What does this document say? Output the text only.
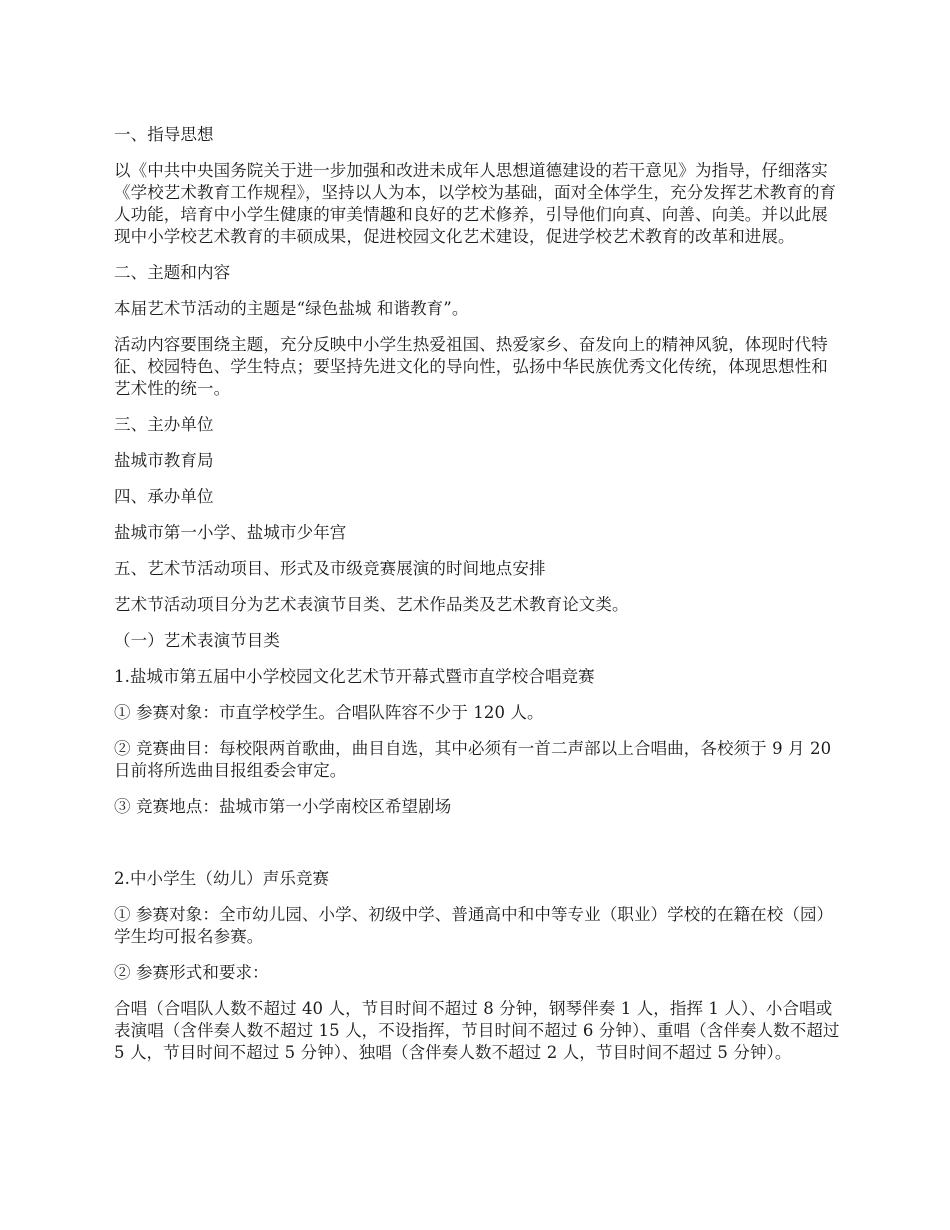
一、指导思想

以《中共中央国务院关于进一步加强和改进未成年人思想道德建设的若干意见》为指导，仔细落实《学校艺术教育工作规程》，坚持以人为本，以学校为基础，面对全体学生，充分发挥艺术教育的育人功能，培育中小学生健康的审美情趣和良好的艺术修养，引导他们向真、向善、向美。并以此展现中小学校艺术教育的丰硕成果，促进校园文化艺术建设，促进学校艺术教育的改革和进展。

二、主题和内容

本届艺术节活动的主题是“绿色盐城 和谐教育”。

活动内容要围绕主题，充分反映中小学生热爱祖国、热爱家乡、奋发向上的精神风貌，体现时代特征、校园特色、学生特点；要坚持先进文化的导向性，弘扬中华民族优秀文化传统，体现思想性和艺术性的统一。

三、主办单位

盐城市教育局

四、承办单位

盐城市第一小学、盐城市少年宫

五、艺术节活动项目、形式及市级竞赛展演的时间地点安排

艺术节活动项目分为艺术表演节目类、艺术作品类及艺术教育论文类。

（一）艺术表演节目类

1.盐城市第五届中小学校园文化艺术节开幕式暨市直学校合唱竞赛

① 参赛对象：市直学校学生。合唱队阵容不少于 120 人。

② 竞赛曲目：每校限两首歌曲，曲目自选，其中必须有一首二声部以上合唱曲，各校须于 9 月 20 日前将所选曲目报组委会审定。

③ 竞赛地点：盐城市第一小学南校区希望剧场

2.中小学生（幼儿）声乐竞赛

① 参赛对象：全市幼儿园、小学、初级中学、普通高中和中等专业（职业）学校的在籍在校（园）学生均可报名参赛。

② 参赛形式和要求：

合唱（合唱队人数不超过 40 人，节目时间不超过 8 分钟，钢琴伴奏 1 人，指挥 1 人）、小合唱或表演唱（含伴奏人数不超过 15 人，不设指挥，节目时间不超过 6 分钟）、重唱（含伴奏人数不超过 5 人，节目时间不超过 5 分钟）、独唱（含伴奏人数不超过 2 人，节目时间不超过 5 分钟）。
